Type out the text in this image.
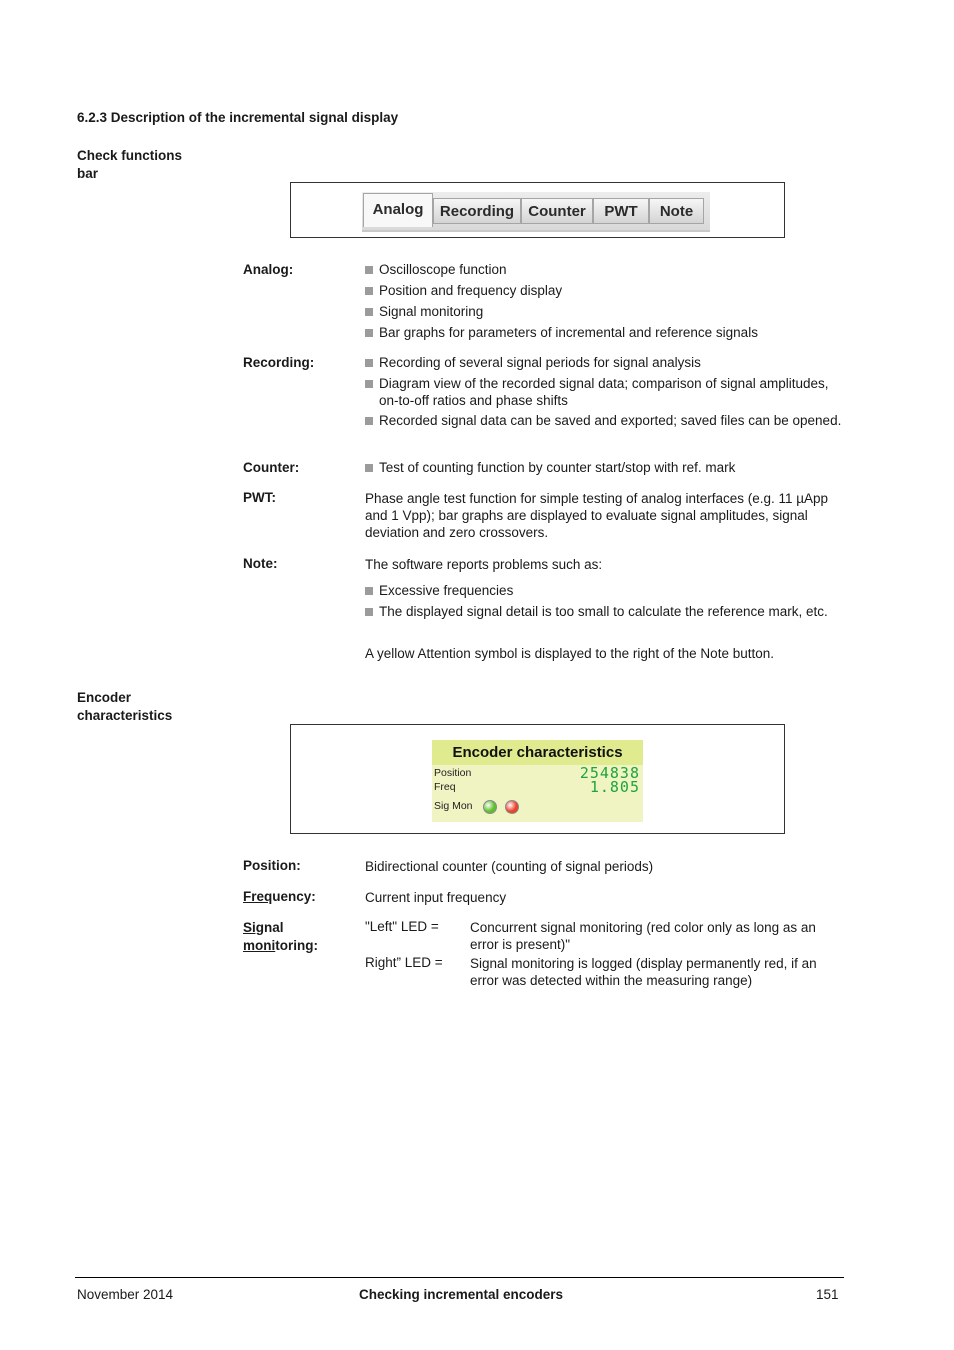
6.2.3 Description of the incremental signal display
Check functions
bar
Analog	Recording Counter	PWT	Note
Analog:	Oscilloscope function
Position and frequency display
Signal monitoring
Bar graphs for parameters of incremental and reference signals
Recording:	Recording of several signal periods for signal analysis
Diagram view of the recorded signal data; comparison of signal amplitudes, on-to-off ratios and phase shifts
Recorded signal data can be saved and exported; saved files can be opened.
Counter:	Test of counting function by counter start/stop with ref. mark
PWT:	Phase angle test function for simple testing of analog interfaces (e.g. 11 µApp and 1 Vpp); bar graphs are displayed to evaluate signal amplitudes, signal deviation and zero crossovers.
Note:	The software reports problems such as:
Excessive frequencies
The displayed signal detail is too small to calculate the reference mark, etc.
A yellow Attention symbol is displayed to the right of the Note button.
Encoder
characteristics
Encoder characteristics
Position	254838
Freq	1.805
Sig Mon
Position:	Bidirectional counter (counting of signal periods)
Frequency:	Current input frequency
Signal
monitoring:
"Left" LED = Concurrent signal monitoring (red color only as long as an error is present)"
Right” LED = Signal monitoring is logged (display permanently red, if an error was detected within the measuring range)
November 2014	Checking incremental encoders	151
